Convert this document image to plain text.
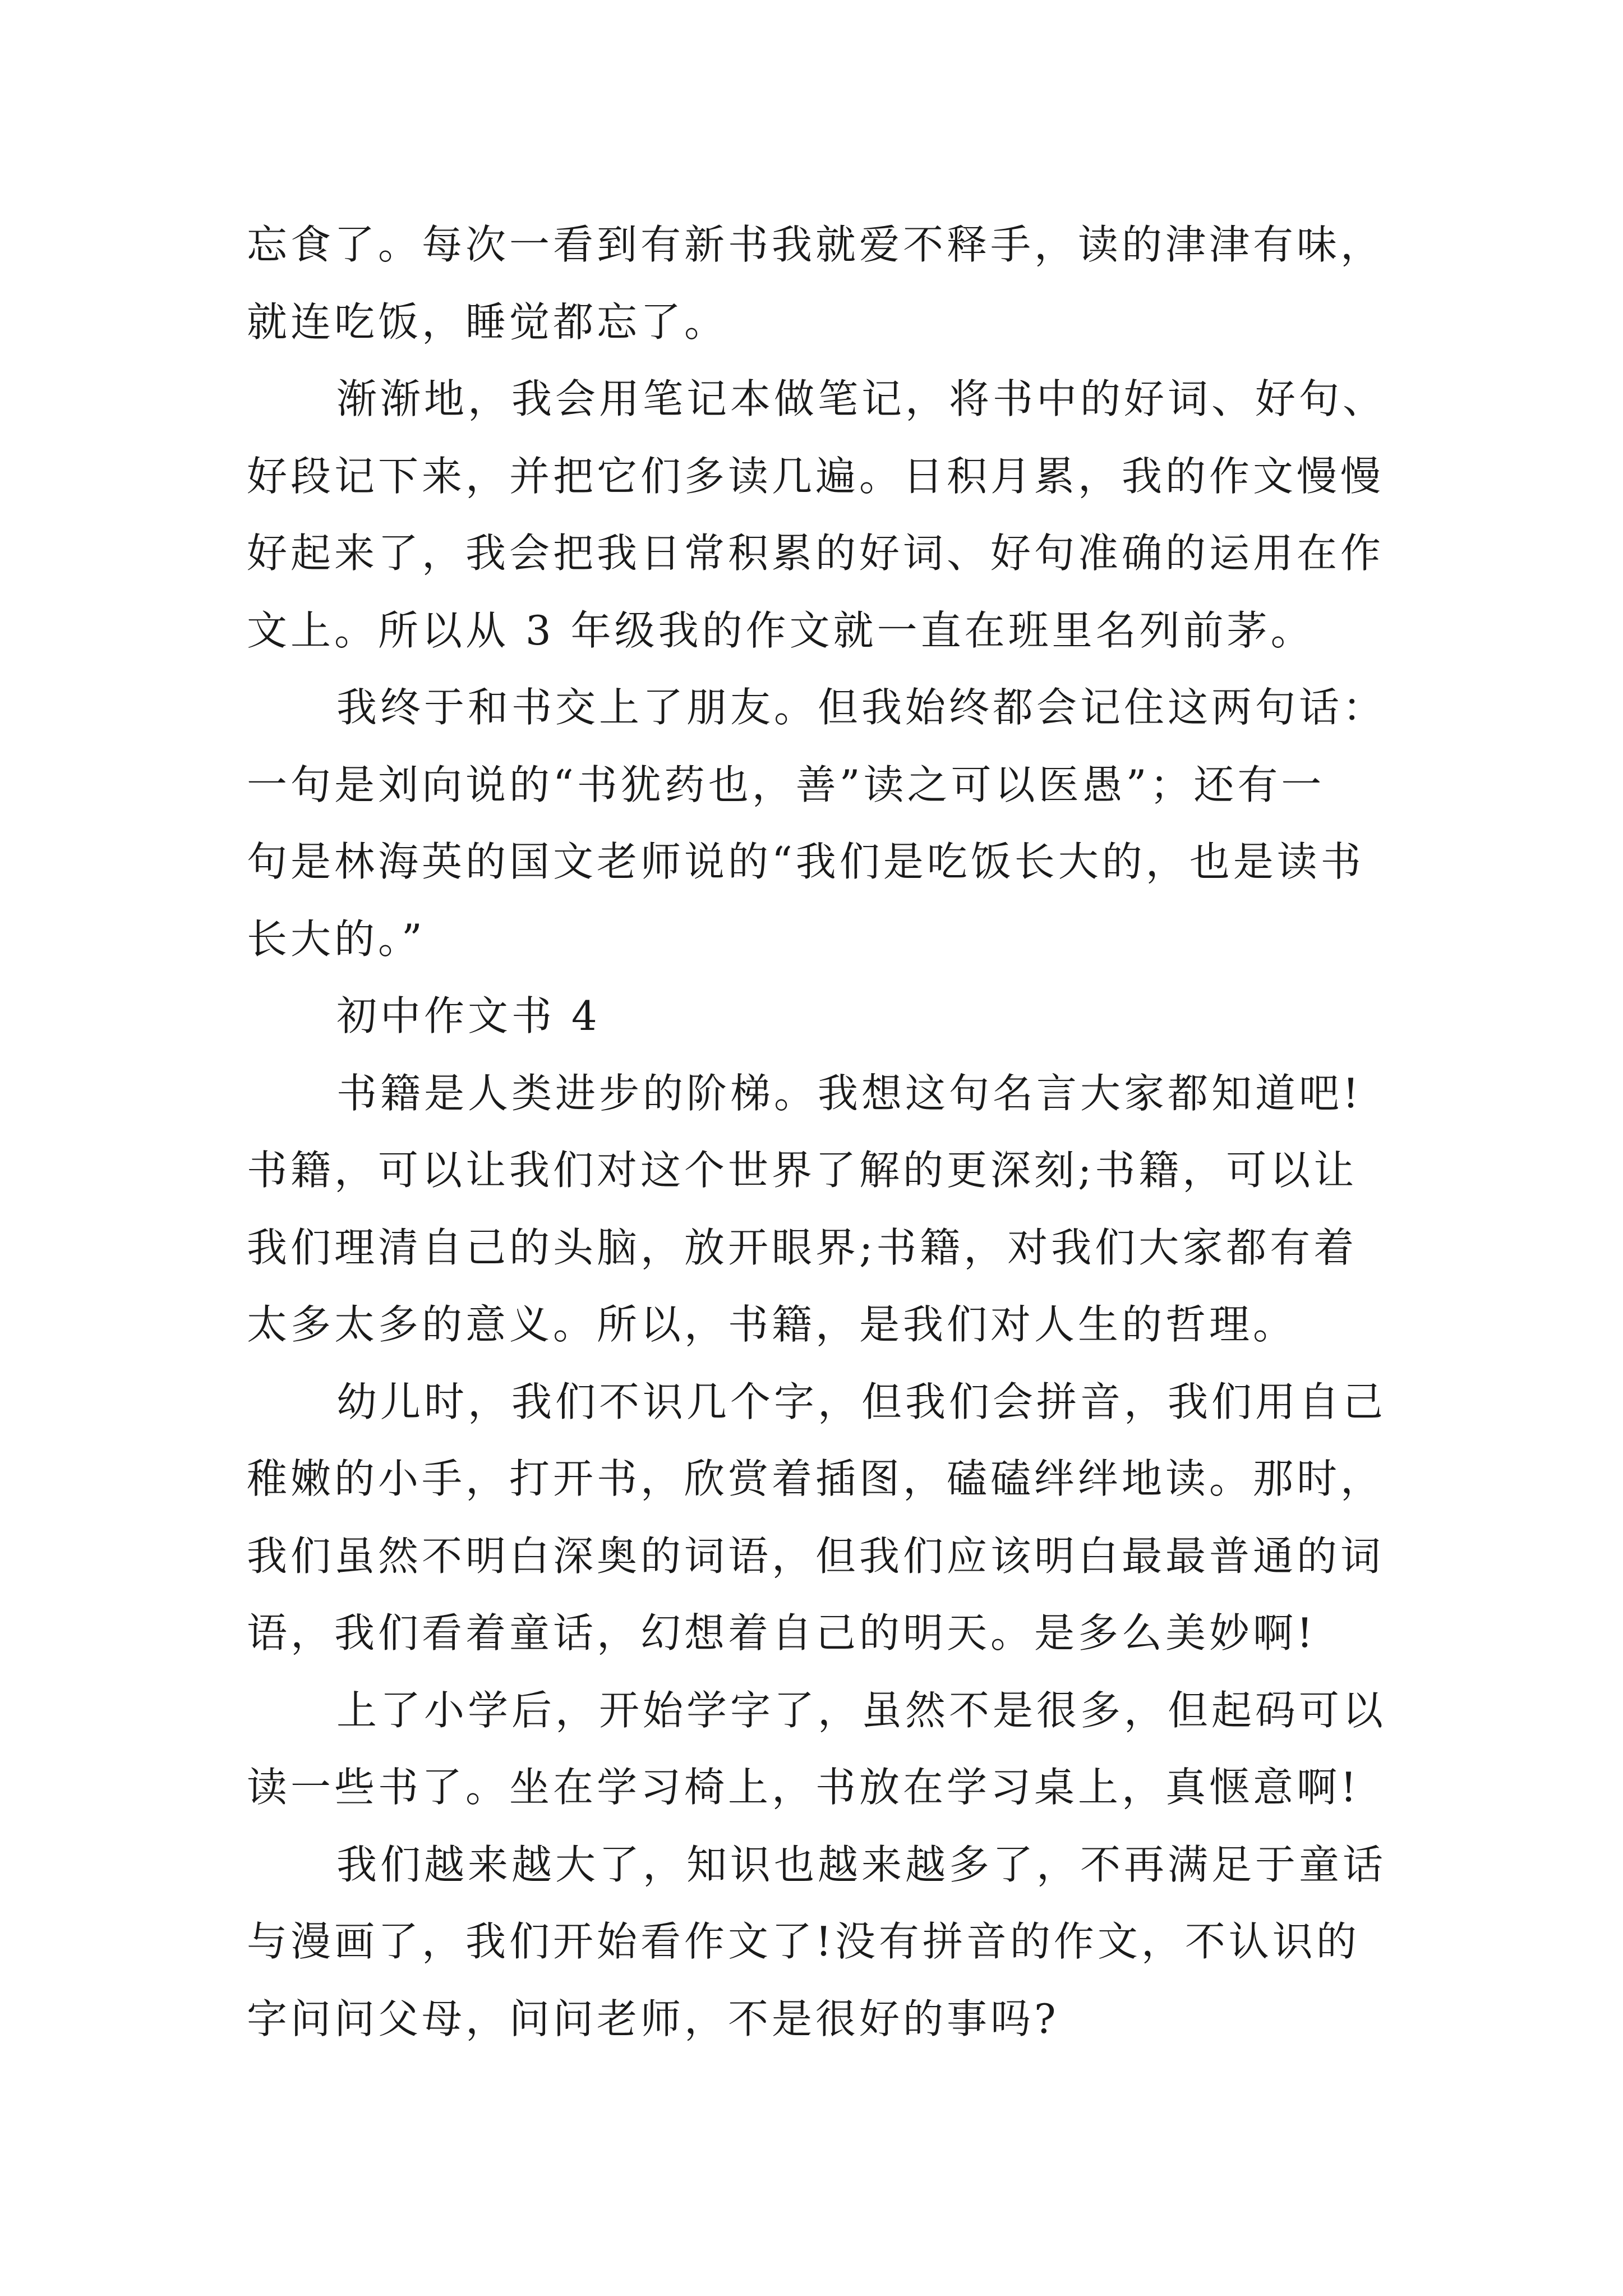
忘食了。每次一看到有新书我就爱不释手，读的津津有味，
就连吃饭，睡觉都忘了。
渐渐地，我会用笔记本做笔记，将书中的好词、好句、
好段记下来，并把它们多读几遍。日积月累，我的作文慢慢
好起来了，我会把我日常积累的好词、好句准确的运用在作
文上。所以从 3 年级我的作文就一直在班里名列前茅。
我终于和书交上了朋友。但我始终都会记住这两句话：
一句是刘向说的“书犹药也，善”读之可以医愚”；还有一
句是林海英的国文老师说的“我们是吃饭长大的，也是读书
长大的。”
初中作文书 4
书籍是人类进步的阶梯。我想这句名言大家都知道吧!
书籍，可以让我们对这个世界了解的更深刻;书籍，可以让
我们理清自己的头脑，放开眼界;书籍，对我们大家都有着
太多太多的意义。所以，书籍，是我们对人生的哲理。
幼儿时，我们不识几个字，但我们会拼音，我们用自己
稚嫩的小手，打开书，欣赏着插图，磕磕绊绊地读。那时，
我们虽然不明白深奥的词语，但我们应该明白最最普通的词
语，我们看着童话，幻想着自己的明天。是多么美妙啊!
上了小学后，开始学字了，虽然不是很多，但起码可以
读一些书了。坐在学习椅上，书放在学习桌上，真惬意啊!
我们越来越大了，知识也越来越多了，不再满足于童话
与漫画了，我们开始看作文了!没有拼音的作文，不认识的
字问问父母，问问老师，不是很好的事吗?
